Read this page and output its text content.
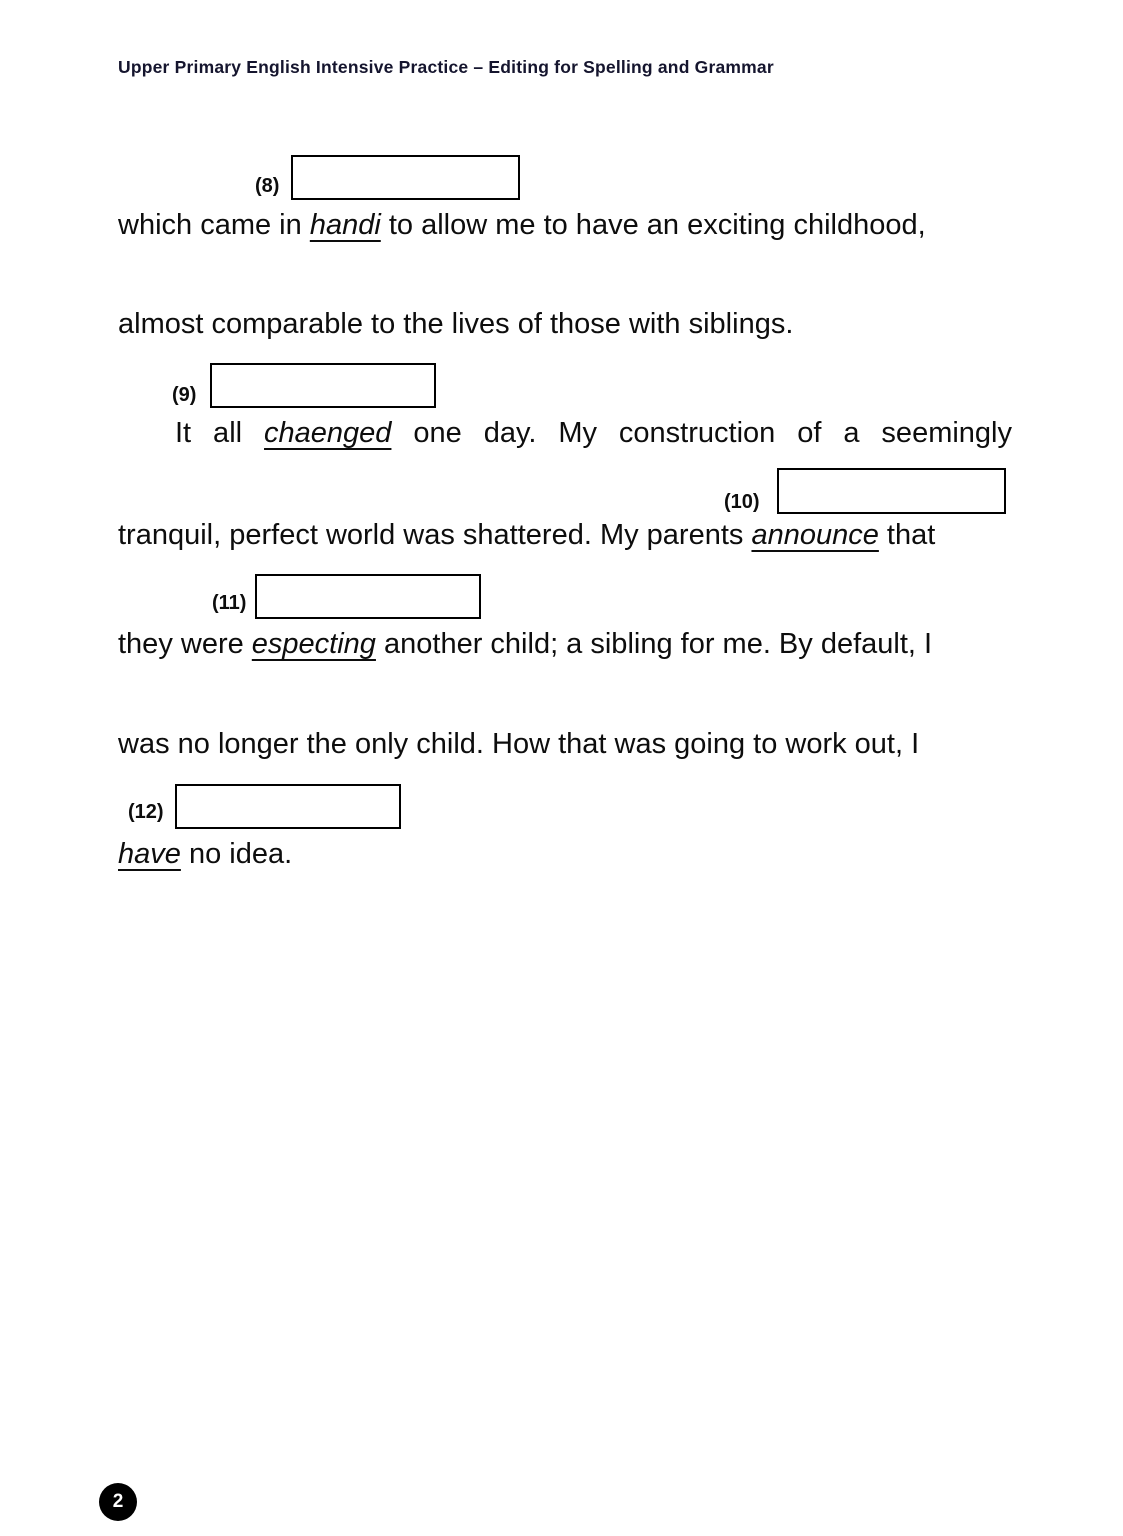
Upper Primary English Intensive Practice – Editing for Spelling and Grammar
(8)
which came in handi to allow me to have an exciting childhood,
almost comparable to the lives of those with siblings.
(9)
It all chaenged one day. My construction of a seemingly
(10)
tranquil, perfect world was shattered. My parents announce that
(11)
they were especting another child; a sibling for me. By default, I
was no longer the only child. How that was going to work out, I
(12)
have no idea.
2
